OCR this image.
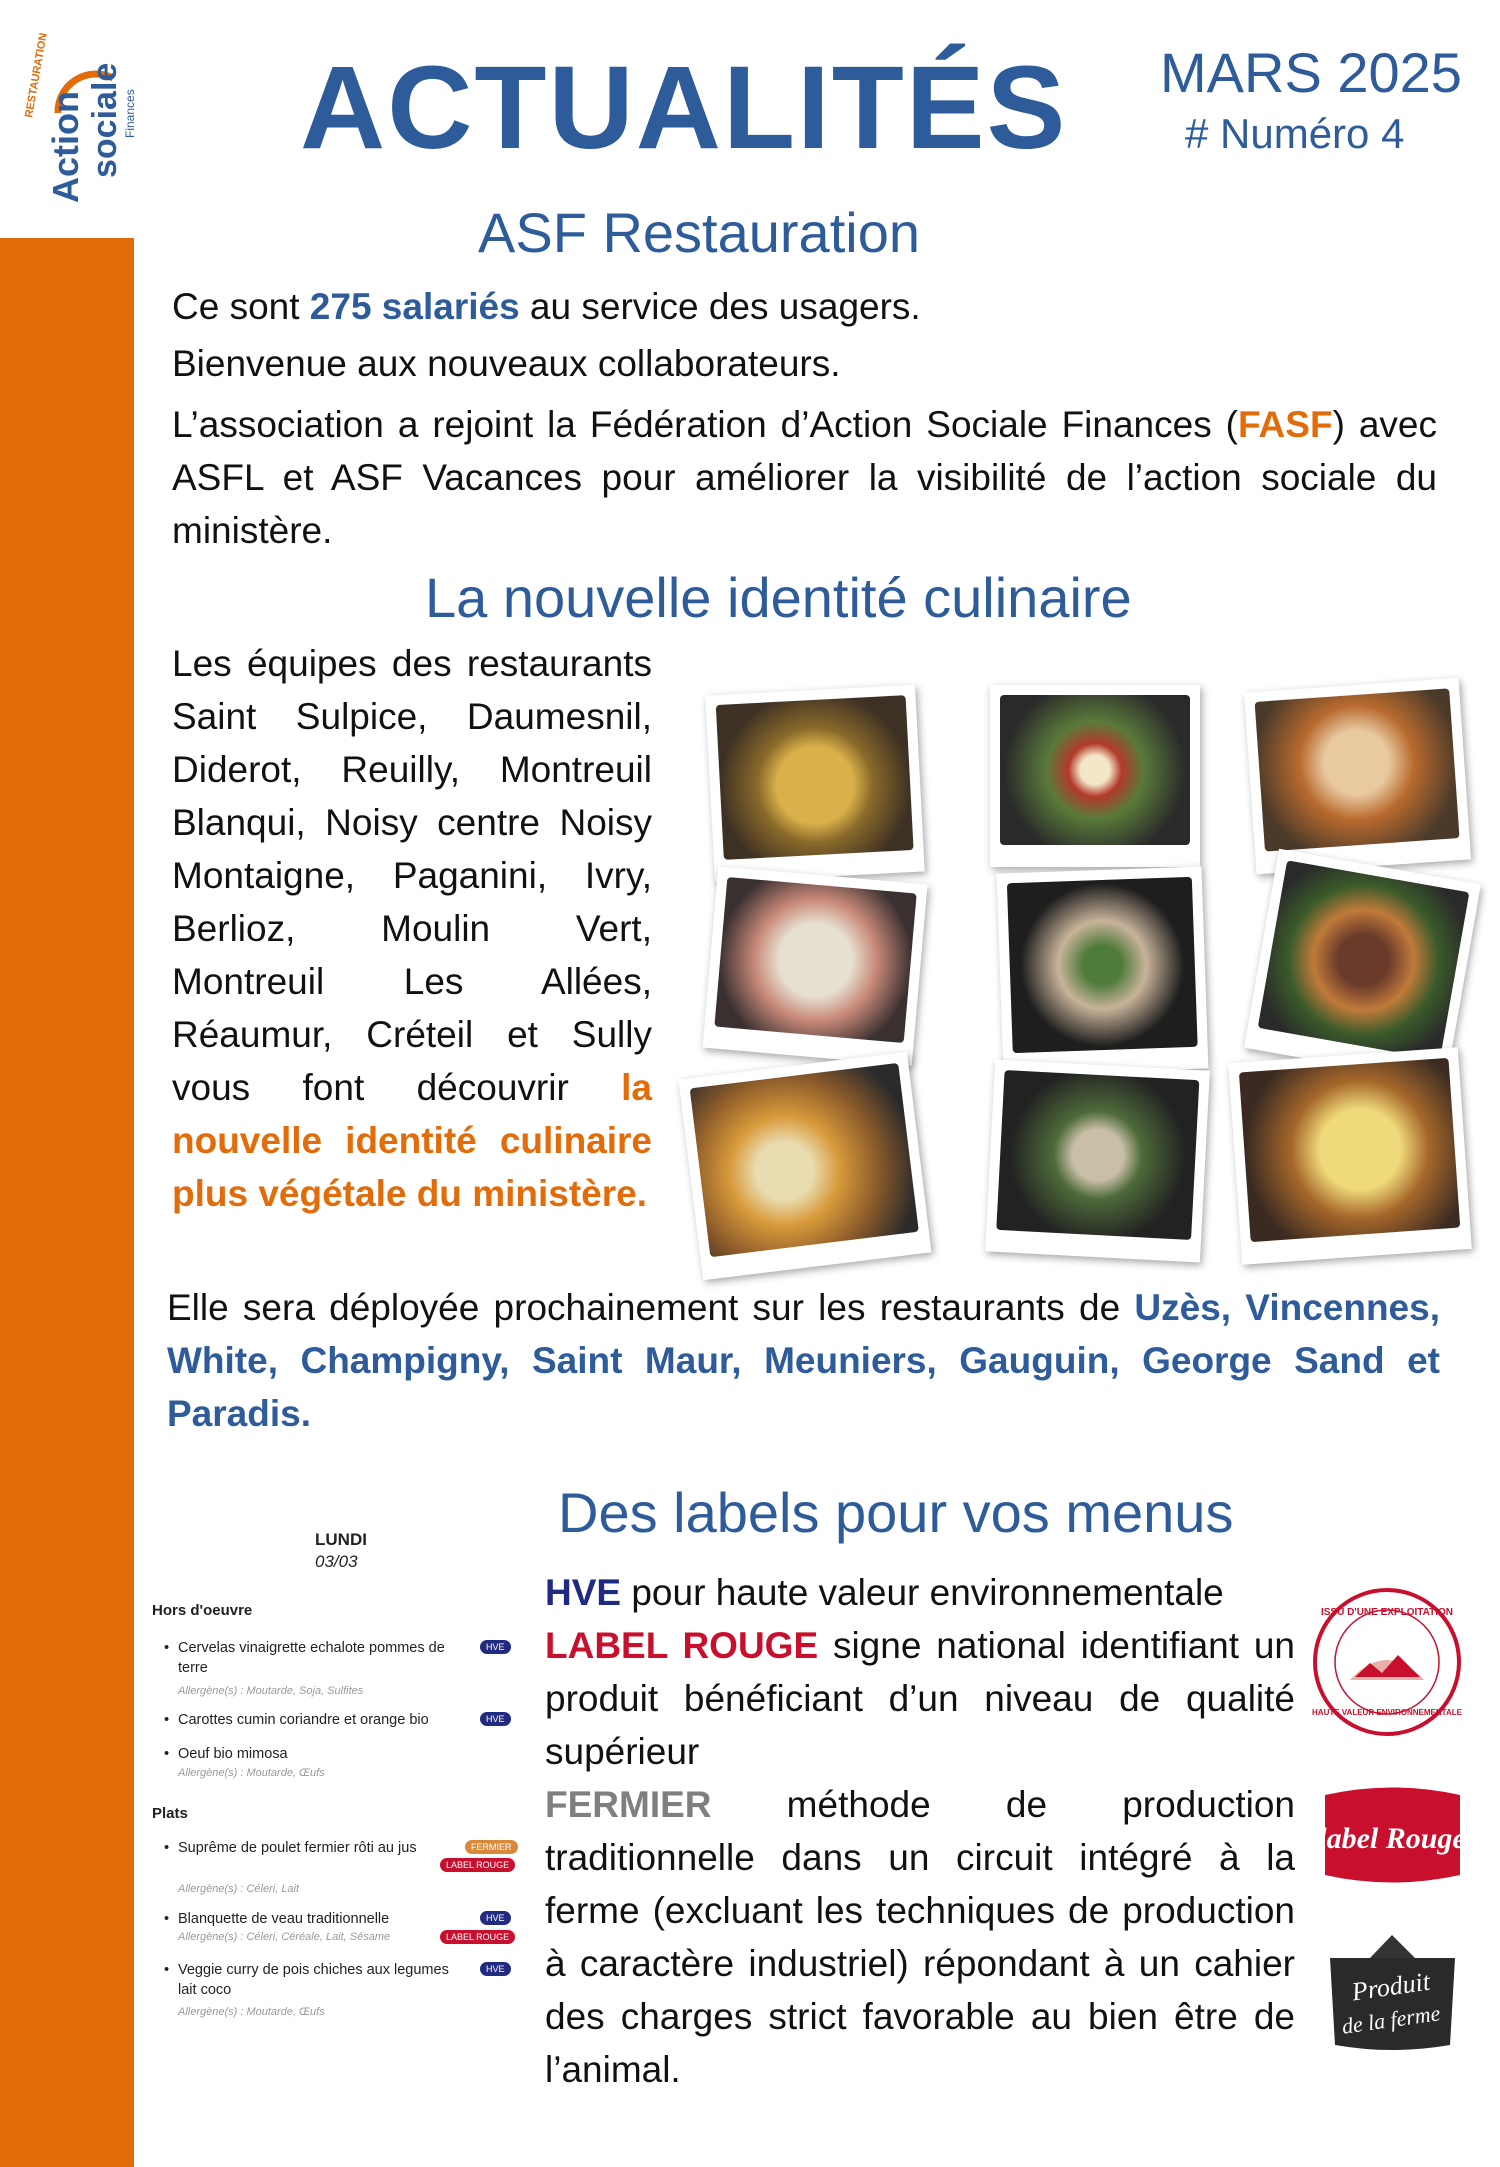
RESTAURATION
Action sociale Finances ACTUALITÉS MARS 2025
# Numéro 4
ASF Restauration
Ce sont 275 salariés au service des usagers.
Bienvenue aux nouveaux collaborateurs.
L’association a rejoint la Fédération d’Action Sociale Finances (FASF) avec ASFL et ASF Vacances pour améliorer la visibilité de l’action sociale du ministère.
La nouvelle identité culinaire
Les équipes des restaurants Saint Sulpice, Daumesnil, Diderot, Reuilly, Montreuil Blanqui, Noisy centre Noisy Montaigne, Paganini, Ivry, Berlioz, Moulin Vert, Montreuil Les Allées, Réaumur, Créteil et Sully vous font découvrir la nouvelle identité culinaire plus végétale du ministère.
Elle sera déployée prochainement sur les restaurants de Uzès, Vincennes, White, Champigny, Saint Maur, Meuniers, Gauguin, George Sand et Paradis.
Des labels pour vos menus
LUNDI
03/03
Hors d'oeuvre
• Cervelas vinaigrette echalote pommes de terre
Allergène(s) : Moutarde, Soja, Sulfites
HVE
• Carottes cumin coriandre et orange bio	HVE
• Oeuf bio mimosa
Allergène(s) : Moutarde, Œufs
Plats
• Suprême de poulet fermier rôti au jus
Allergène(s) : Céleri, Lait
FERMIER
LABEL ROUGE
• Blanquette de veau traditionnelle
Allergène(s) : Céleri, Céréale, Lait, Sésame
HVE
LABEL ROUGE
• Veggie curry de pois chiches aux legumes lait coco
Allergène(s) : Moutarde, Œufs
HVE
HVE pour haute valeur environnementale
LABEL ROUGE signe national identifiant un produit bénéficiant d’un niveau de qualité supérieur
FERMIER méthode de production traditionnelle dans un circuit intégré à la ferme (excluant les techniques de production à caractère industriel) répondant à un cahier des charges strict favorable au bien être de l’animal.
ISSU D'UNE EXPLOITATION
HAUTE VALEUR ENVIRONNEMENTALE
label Rouge
Produit
de la ferme
